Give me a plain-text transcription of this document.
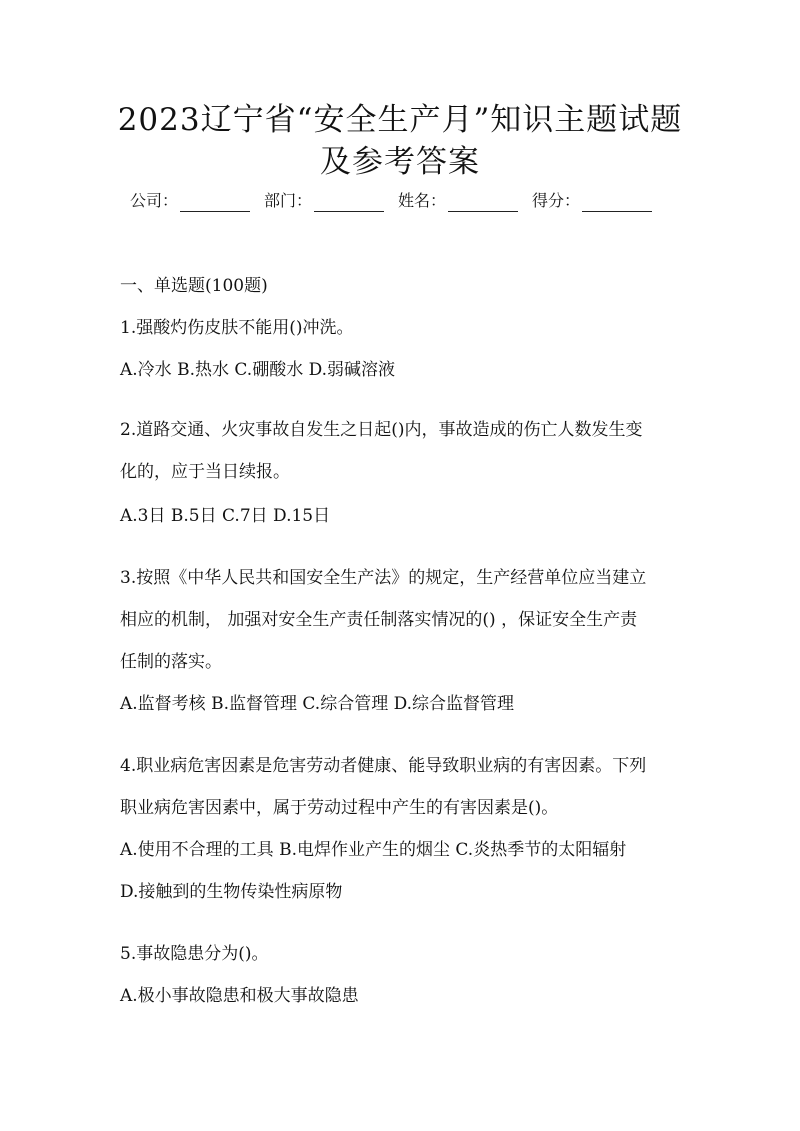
2023辽宁省“安全生产月”知识主题试题
及参考答案
公司：	部门：	姓名：	得分：
一、单选题(100题)
1.强酸灼伤皮肤不能用()冲洗。
A.冷水 B.热水 C.硼酸水 D.弱碱溶液
2.道路交通、火灾事故自发生之日起()内，事故造成的伤亡人数发生变
化的，应于当日续报。
A.3日 B.5日 C.7日 D.15日
3.按照《中华人民共和国安全生产法》的规定，生产经营单位应当建立
相应的机制， 加强对安全生产责任制落实情况的() ，保证安全生产责
任制的落实。
A.监督考核 B.监督管理 C.综合管理 D.综合监督管理
4.职业病危害因素是危害劳动者健康、能导致职业病的有害因素。下列
职业病危害因素中，属于劳动过程中产生的有害因素是()。
A.使用不合理的工具 B.电焊作业产生的烟尘 C.炎热季节的太阳辐射
D.接触到的生物传染性病原物
5.事故隐患分为()。
A.极小事故隐患和极大事故隐患
